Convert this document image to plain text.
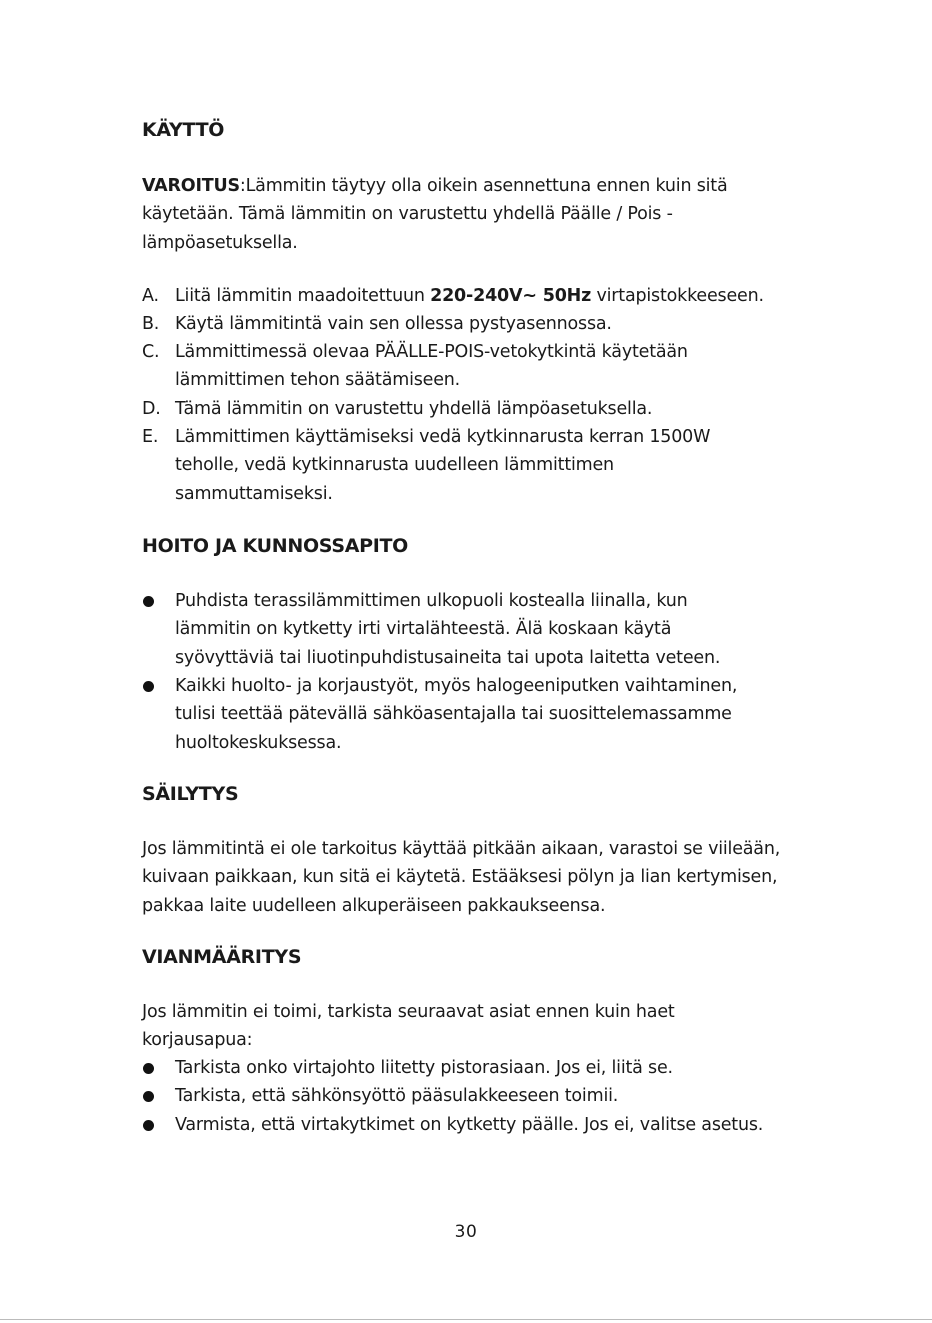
KÄYTTÖ

VAROITUS:Lämmitin täytyy olla oikein asennettuna ennen kuin sitä käytetään. Tämä lämmitin on varustettu yhdellä Päälle / Pois -lämpöasetuksella.

A. Liitä lämmitin maadoitettuun 220-240V~ 50Hz virtapistokkeeseen.
B. Käytä lämmitintä vain sen ollessa pystyasennossa.
C. Lämmittimessä olevaa PÄÄLLE-POIS-vetokytkintä käytetään lämmittimen tehon säätämiseen.
D. Tämä lämmitin on varustettu yhdellä lämpöasetuksella.
E. Lämmittimen käyttämiseksi vedä kytkinnarusta kerran 1500W teholle, vedä kytkinnarusta uudelleen lämmittimen sammuttamiseksi.
HOITO JA KUNNOSSAPITO
Puhdista terassilämmittimen ulkopuoli kostealla liinalla, kun lämmitin on kytketty irti virtalähteestä. Älä koskaan käytä syövyttäviä tai liuotinpuhdistusaineita tai upota laitetta veteen.
Kaikki huolto- ja korjaustyöt, myös halogeeniputken vaihtaminen, tulisi teettää pätevällä sähköasentajalla tai suosittelemassamme huoltokeskuksessa.
SÄILYTYS

Jos lämmitintä ei ole tarkoitus käyttää pitkään aikaan, varastoi se viileään, kuivaan paikkaan, kun sitä ei käytetä. Estääksesi pölyn ja lian kertymisen, pakkaa laite uudelleen alkuperäiseen pakkaukseensa.

VIANMÄÄRITYS

Jos lämmitin ei toimi, tarkista seuraavat asiat ennen kuin haet korjausapua:

Tarkista onko virtajohto liitetty pistorasiaan. Jos ei, liitä se.
Tarkista, että sähkönsyöttö pääsulakkeeseen toimii.
Varmista, että virtakytkimet on kytketty päälle. Jos ei, valitse asetus.
30
